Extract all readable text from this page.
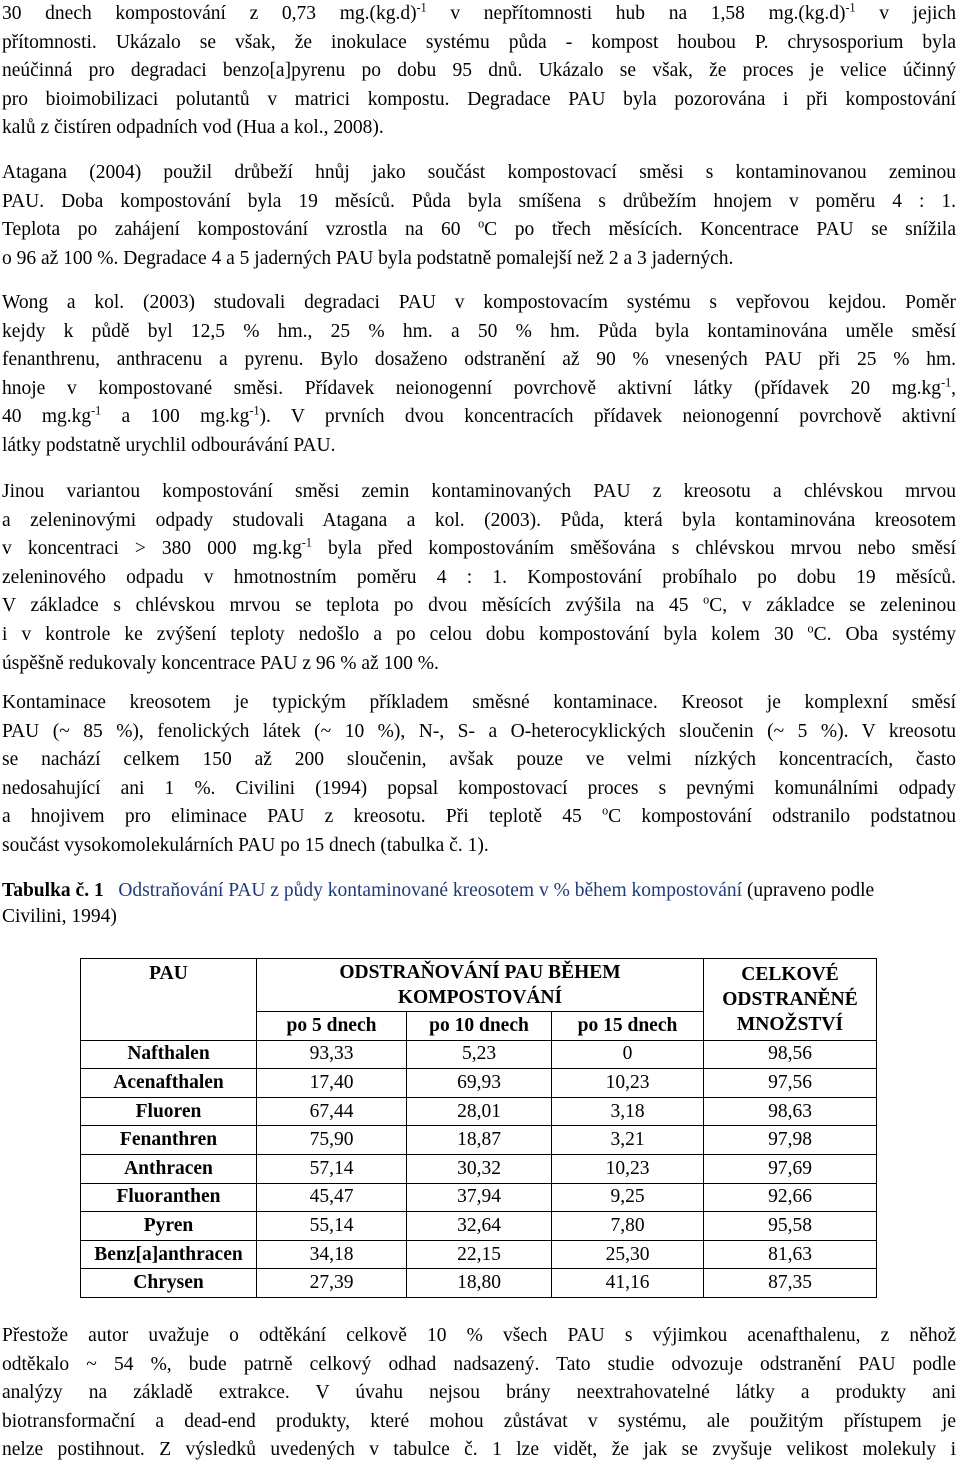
30 dnech kompostování z 0,73 $mg.(kg.d)^{-1}$ v nepřítomnosti hub na 1,58 $mg.(kg.d)^{-1}$ v jejich
přítomnosti. Ukázalo se však, že inokulace systému půda - kompost houbou P. chrysosporium byla
neúčinná pro degradaci benzo[a]pyrenu po dobu 95 dnů. Ukázalo se však, že proces je velice účinný
pro bioimobilizaci polutantů v matrici kompostu. Degradace PAU byla pozorována i při kompostování
kalů z čistíren odpadních vod (Hua a kol., 2008).
Atagana (2004) použil drůbeží hnůj jako součást kompostovací směsi s kontaminovanou zeminou
PAU. Doba kompostování byla 19 měsíců. Půda byla smíšena s drůbežím hnojem v poměru 4 : 1.
Teplota po zahájení kompostování vzrostla na 60 $^o$C po třech měsících. Koncentrace PAU se snížila
o 96 až 100 %. Degradace 4 a 5 jaderných PAU byla podstatně pomalejší než 2 a 3 jaderných.
Wong a kol. (2003) studovali degradaci PAU v kompostovacím systému s vepřovou kejdou. Poměr
kejdy k půdě byl 12,5 % hm., 25 % hm. a 50 % hm. Půda byla kontaminována uměle směsí
fenanthrenu, anthracenu a pyrenu. Bylo dosaženo odstranění až 90 % vnesených PAU při 25 % hm.
hnoje v kompostované směsi. Přídavek neionogenní povrchově aktivní látky (přídavek 20 $mg.kg^{-1}$,
40 $mg.kg^{-1}$ a 100 $mg.kg^{-1}$). V prvních dvou koncentracích přídavek neionogenní povrchově aktivní
látky podstatně urychlil odbourávání PAU.
Jinou variantou kompostování směsi zemin kontaminovaných PAU z kreosotu a chlévskou mrvou
a zeleninovými odpady studovali Atagana a kol. (2003). Půda, která byla kontaminována kreosotem
v koncentraci > 380 000 $mg.kg^{-1}$ byla před kompostováním směšována s chlévskou mrvou nebo směsí
zeleninového odpadu v hmotnostním poměru 4 : 1. Kompostování probíhalo po dobu 19 měsíců.
V základce s chlévskou mrvou se teplota po dvou měsících zvýšila na 45 $^o$C, v základce se zeleninou
i v kontrole ke zvýšení teploty nedošlo a po celou dobu kompostování byla kolem 30 $^o$C. Oba systémy
úspěšně redukovaly koncentrace PAU z 96 % až 100 %.
Kontaminace kreosotem je typickým příkladem směsné kontaminace. Kreosot je komplexní směsí
PAU (~ 85 %), fenolických látek (~ 10 %), N-, S- a O-heterocyklických sloučenin (~ 5 %). V kreosotu
se nachází celkem 150 až 200 sloučenin, avšak pouze ve velmi nízkých koncentracích, často
nedosahující ani 1 %. Civilini (1994) popsal kompostovací proces s pevnými komunálními odpady
a hnojivem pro eliminace PAU z kreosotu. Při teplotě 45 $^o$C kompostování odstranilo podstatnou
součást vysokomolekulárních PAU po 15 dnech (tabulka č. 1).
Tabulka č. 1 Odstraňování PAU z půdy kontaminované kreosotem v % během kompostování (upraveno podle
Civilini, 1994)
PAU	ODSTRAŇOVÁNÍ PAU BĚHEM KOMPOSTOVÁNÍ			CELKOVÉ ODSTRANĚNÉ MNOŽSTVÍ
	po 5 dnech	po 10 dnech	po 15 dnech	
Nafthalen	93,33	5,23	0	98,56
Acenafthalen	17,40	69,93	10,23	97,56
Fluoren	67,44	28,01	3,18	98,63
Fenanthren	75,90	18,87	3,21	97,98
Anthracen	57,14	30,32	10,23	97,69
Fluoranthen	45,47	37,94	9,25	92,66
Pyren	55,14	32,64	7,80	95,58
Benz[a]anthracen	34,18	22,15	25,30	81,63
Chrysen	27,39	18,80	41,16	87,35
Přestože autor uvažuje o odtěkání celkově 10 % všech PAU s výjimkou acenafthalenu, z něhož
odtěkalo ~ 54 %, bude patrně celkový odhad nadsazený. Tato studie odvozuje odstranění PAU podle
analýzy na základě extrakce. V úvahu nejsou brány neextrahovatelné látky a produkty ani
biotransformační a dead-end produkty, které mohou zůstávat v systému, ale použitým přístupem je
nelze postihnout. Z výsledků uvedených v tabulce č. 1 lze vidět, že jak se zvyšuje velikost molekuly i
